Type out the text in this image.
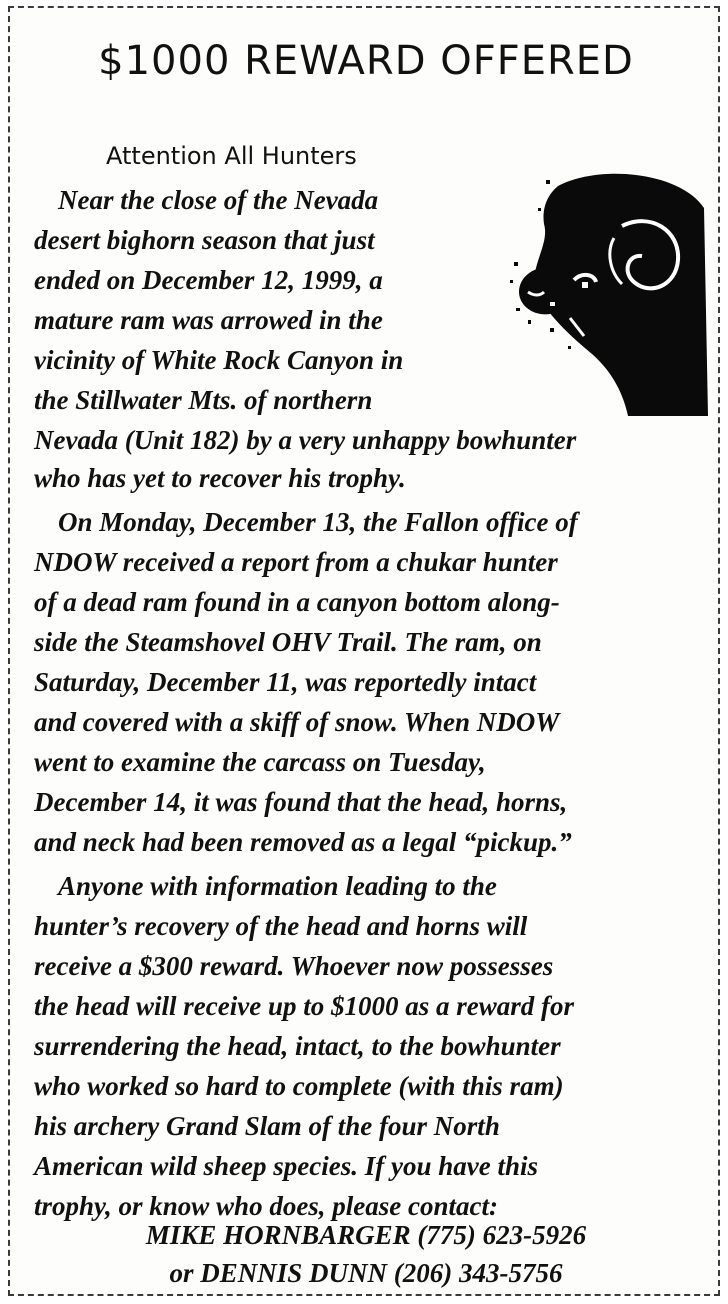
$1000 REWARD OFFERED
Attention All Hunters
Near the close of the Nevada
desert bighorn season that just
ended on December 12, 1999, a
mature ram was arrowed in the
vicinity of White Rock Canyon in
the Stillwater Mts. of northern
Nevada (Unit 182) by a very unhappy bowhunter
who has yet to recover his trophy.
On Monday, December 13, the Fallon office of
NDOW received a report from a chukar hunter
of a dead ram found in a canyon bottom along-
side the Steamshovel OHV Trail. The ram, on
Saturday, December 11, was reportedly intact
and covered with a skiff of snow. When NDOW
went to examine the carcass on Tuesday,
December 14, it was found that the head, horns,
and neck had been removed as a legal “pickup.”
Anyone with information leading to the
hunter’s recovery of the head and horns will
receive a $300 reward. Whoever now possesses
the head will receive up to $1000 as a reward for
surrendering the head, intact, to the bowhunter
who worked so hard to complete (with this ram)
his archery Grand Slam of the four North
American wild sheep species. If you have this
trophy, or know who does, please contact:
MIKE HORNBARGER (775) 623-5926
or DENNIS DUNN (206) 343-5756
